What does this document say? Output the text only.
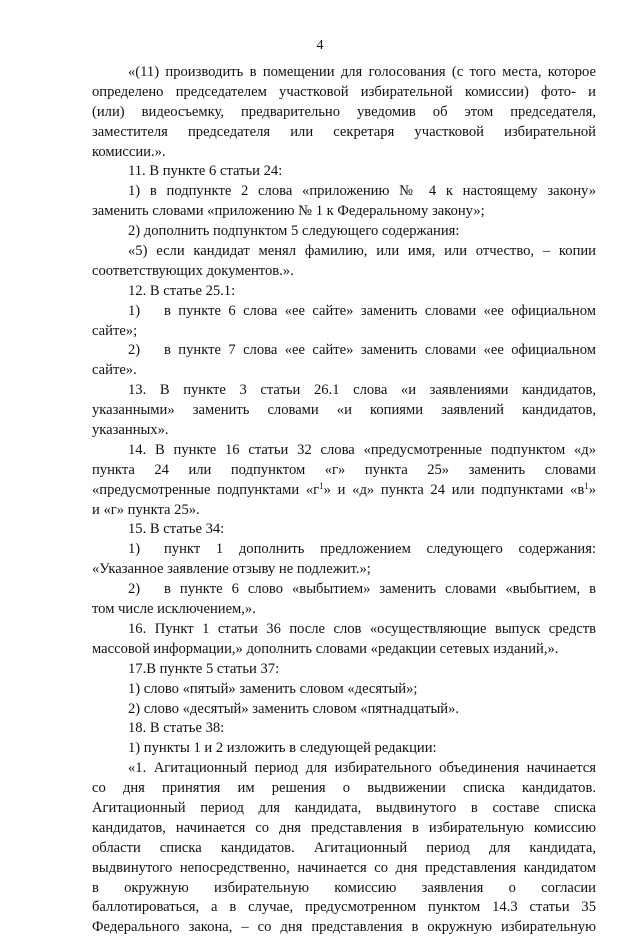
4
«(11) производить в помещении для голосования (с того места, которое
определено председателем участковой избирательной комиссии) фото- и
(или) видеосъемку, предварительно уведомив об этом председателя,
заместителя председателя или секретаря участковой избирательной
комиссии.».
11. В пункте 6 статьи 24:
1) в подпункте 2 слова «приложению № 4 к настоящему закону»
заменить словами «приложению № 1 к Федеральному закону»;
2) дополнить подпунктом 5 следующего содержания:
«5) если кандидат менял фамилию, или имя, или отчество, – копии
соответствующих документов.».
12. В статье 25.1:
1) в пункте 6 слова «ее сайте» заменить словами «ее официальном
сайте»;
2) в пункте 7 слова «ее сайте» заменить словами «ее официальном
сайте».
13. В пункте 3 статьи 26.1 слова «и заявлениями кандидатов,
указанными» заменить словами «и копиями заявлений кандидатов,
указанных».
14. В пункте 16 статьи 32 слова «предусмотренные подпунктом «д»
пункта 24 или подпунктом «г» пункта 25» заменить словами
«предусмотренные подпунктами «$г^1$» и «д» пункта 24 или подпунктами «$в^1$»
и «г» пункта 25».
15. В статье 34:
1) пункт 1 дополнить предложением следующего содержания:
«Указанное заявление отзыву не подлежит.»;
2) в пункте 6 слово «выбытием» заменить словами «выбытием, в
том числе исключением,».
16. Пункт 1 статьи 36 после слов «осуществляющие выпуск средств
массовой информации,» дополнить словами «редакции сетевых изданий,».
17.В пункте 5 статьи 37:
1) слово «пятый» заменить словом «десятый»;
2) слово «десятый» заменить словом «пятнадцатый».
18. В статье 38:
1) пункты 1 и 2 изложить в следующей редакции:
«1. Агитационный период для избирательного объединения начинается
со дня принятия им решения о выдвижении списка кандидатов.
Агитационный период для кандидата, выдвинутого в составе списка
кандидатов, начинается со дня представления в избирательную комиссию
области списка кандидатов. Агитационный период для кандидата,
выдвинутого непосредственно, начинается со дня представления кандидатом
в окружную избирательную комиссию заявления о согласии
баллотироваться, а в случае, предусмотренном пунктом 14.3 статьи 35
Федерального закона, – со дня представления в окружную избирательную
